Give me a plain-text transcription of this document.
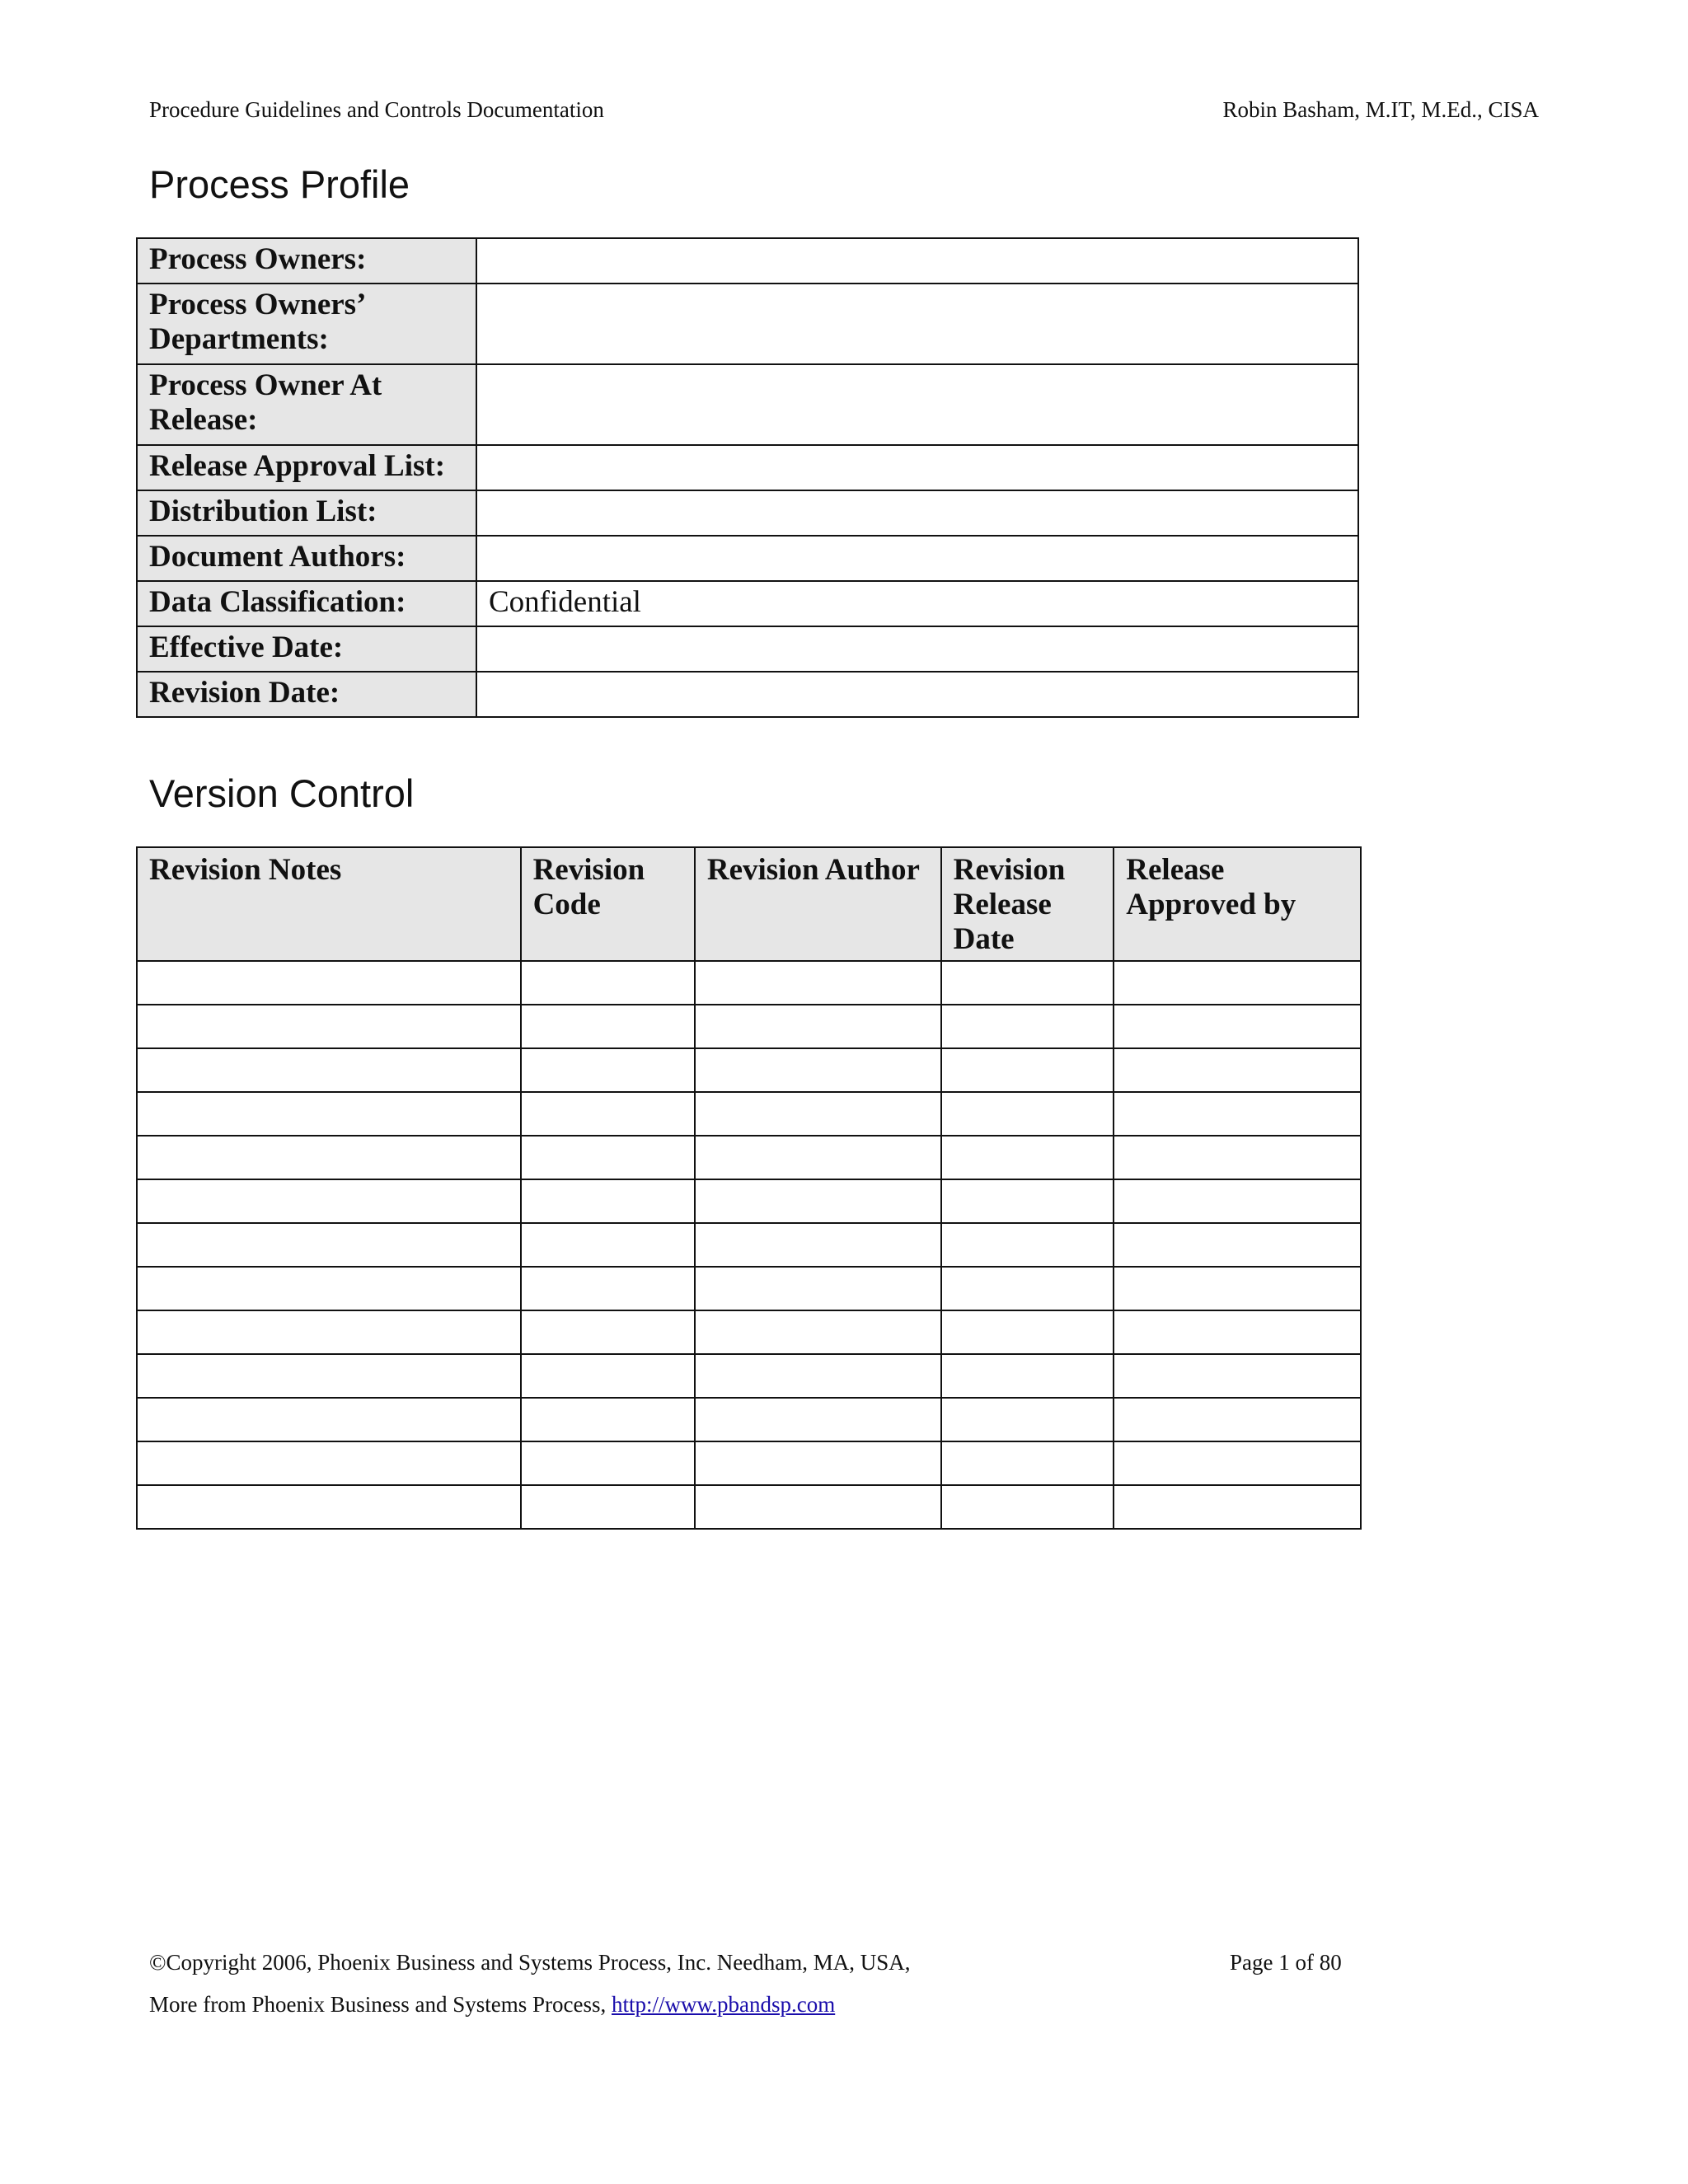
Procedure Guidelines and Controls Documentation	Robin Basham, M.IT, M.Ed., CISA
Process Profile
Process Owners:	
Process Owners’ Departments:	
Process Owner At Release:	
Release Approval List:	
Distribution List:	
Document Authors:	
Data Classification:	Confidential
Effective Date:	
Revision Date:	
Version Control
Revision Notes	Revision Code	Revision Author	Revision Release Date	Release Approved by

©Copyright 2006, Phoenix Business and Systems Process, Inc. Needham, MA, USA,	Page 1 of 80
More from Phoenix Business and Systems Process, http://www.pbandsp.com
